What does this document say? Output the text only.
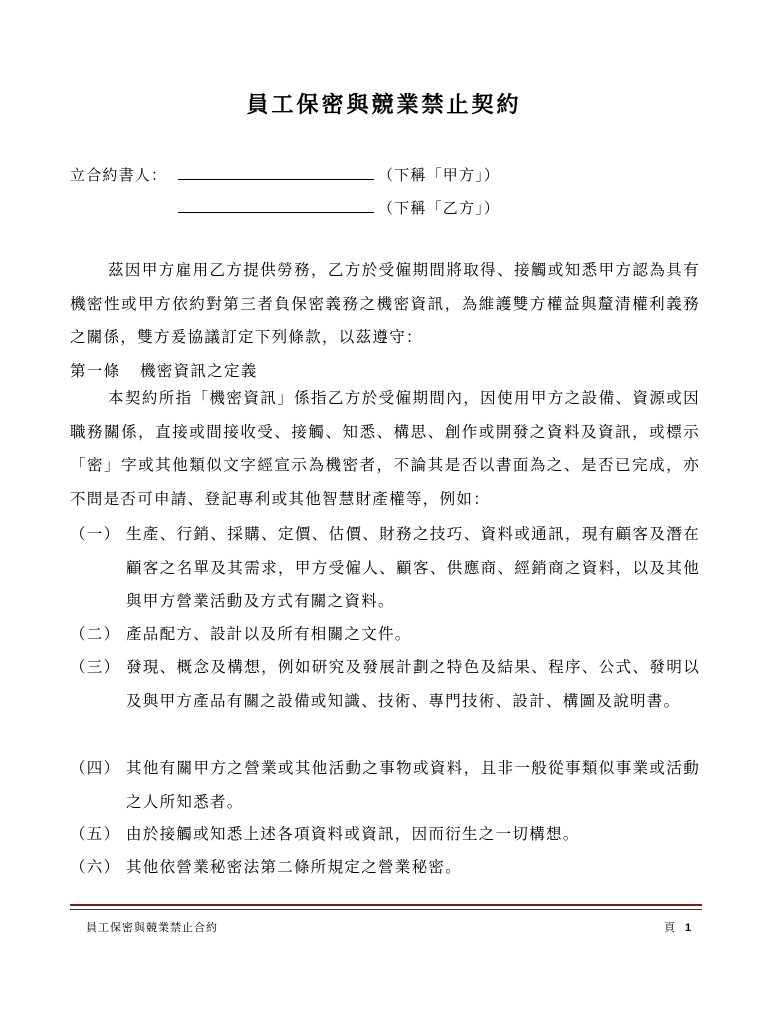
員工保密與競業禁止契約
立合約書人：	（下稱「甲方」）
（下稱「乙方」）
茲因甲方雇用乙方提供勞務，乙方於受僱期間將取得、接觸或知悉甲方認為具有機密性或甲方依約對第三者負保密義務之機密資訊，為維護雙方權益與釐清權利義務之關係，雙方爰協議訂定下列條款，以茲遵守：
第一條 機密資訊之定義
本契約所指「機密資訊」係指乙方於受僱期間內，因使用甲方之設備、資源或因職務關係，直接或間接收受、接觸、知悉、構思、創作或開發之資料及資訊，或標示「密」字或其他類似文字經宣示為機密者，不論其是否以書面為之、是否已完成，亦不問是否可申請、登記專利或其他智慧財產權等，例如：
（一） 生產、行銷、採購、定價、估價、財務之技巧、資料或通訊，現有顧客及潛在顧客之名單及其需求，甲方受僱人、顧客、供應商、經銷商之資料，以及其他與甲方營業活動及方式有關之資料。
（二） 產品配方、設計以及所有相關之文件。
（三） 發現、概念及構想，例如研究及發展計劃之特色及結果、程序、公式、發明以及與甲方產品有關之設備或知識、技術、專門技術、設計、構圖及說明書。
（四） 其他有關甲方之營業或其他活動之事物或資料，且非一般從事類似事業或活動之人所知悉者。
（五） 由於接觸或知悉上述各項資料或資訊，因而衍生之一切構想。
（六） 其他依營業秘密法第二條所規定之營業秘密。
員工保密與競業禁止合約	頁 1
